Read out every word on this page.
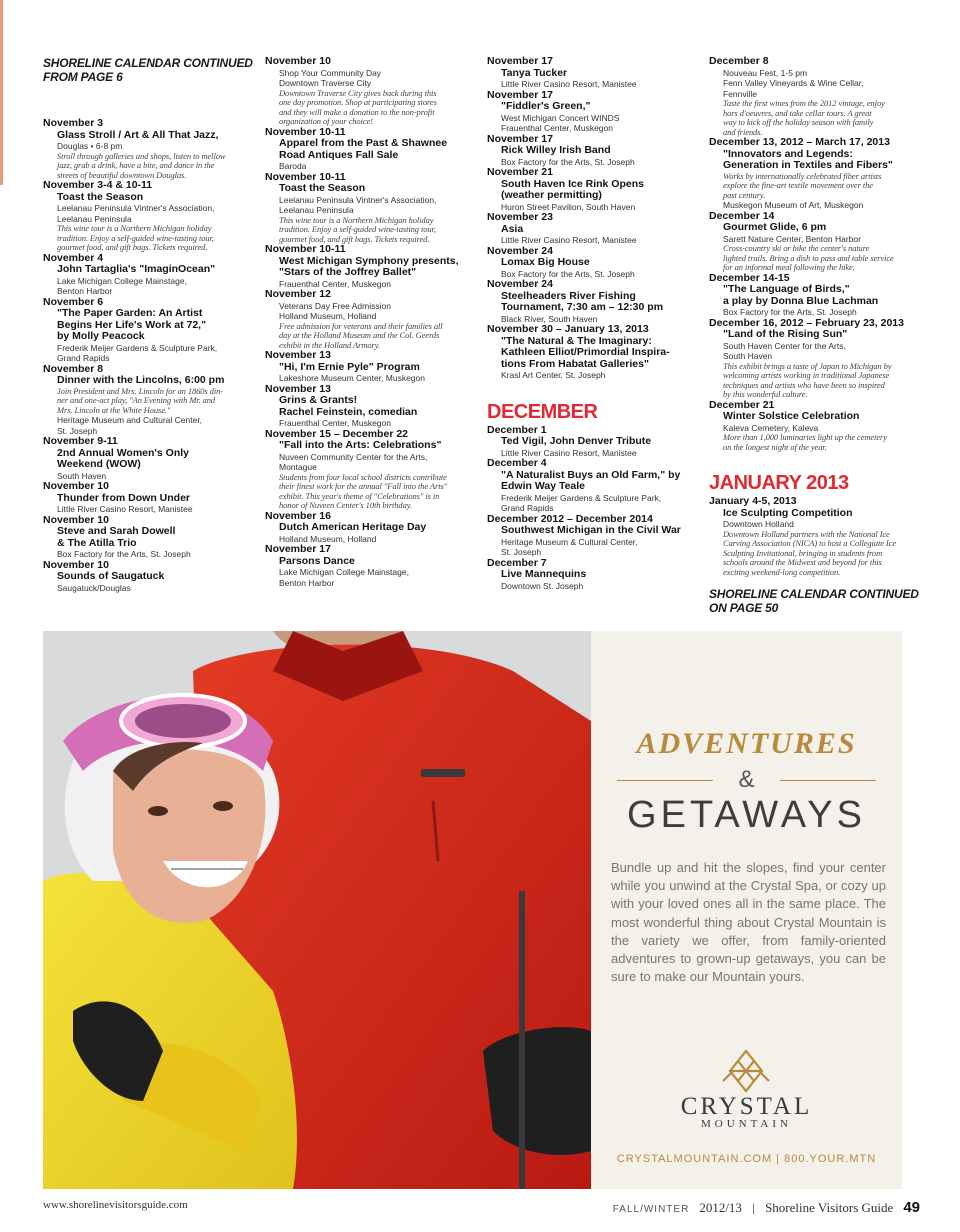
SHORELINE CALENDAR CONTINUED FROM PAGE 6
November 3
Glass Stroll / Art & All That Jazz,
Douglas • 6-8 pm
Stroll through galleries and shops, listen to mellow
jazz, grab a drink, have a bite, and dance in the
streets of beautiful downtown Douglas.
November 3-4 & 10-11
Toast the Season
Leelanau Peninsula Vintner's Association,
Leelanau Peninsula
This wine tour is a Northern Michigan holiday
tradition. Enjoy a self-guided wine-tasting tour,
gourmet food, and gift bags. Tickets required.
November 4
John Tartaglia's "ImaginOcean"
Lake Michigan College Mainstage,
Benton Harbor
November 6
"The Paper Garden: An Artist
Begins Her Life's Work at 72,"
by Molly Peacock
Frederik Meijer Gardens & Sculpture Park,
Grand Rapids
November 8
Dinner with the Lincolns, 6:00 pm
Join President and Mrs. Lincoln for an 1860s din-
ner and one-act play, "An Evening with Mr. and
Mrs. Lincoln at the White House."
Heritage Museum and Cultural Center,
St. Joseph
November 9-11
2nd Annual Women's Only
Weekend (WOW)
South Haven
November 10
Thunder from Down Under
Little River Casino Resort, Manistee
November 10
Steve and Sarah Dowell
& The Atilla Trio
Box Factory for the Arts, St. Joseph
November 10
Sounds of Saugatuck
Saugatuck/Douglas
November 10
Shop Your Community Day
Downtown Traverse City
Downtown Traverse City gives back during this
one day promotion. Shop at participating stores
and they will make a donation to the non-profit
organization of your choice!
November 10-11
Apparel from the Past & Shawnee
Road Antiques Fall Sale
Baroda
November 10-11
Toast the Season
Leelanau Peninsula Vintner's Association,
Leelanau Peninsula
This wine tour is a Northern Michigan holiday
tradition. Enjoy a self-guided wine-tasting tour,
gourmet food, and gift bags. Tickets required.
November 10-11
West Michigan Symphony presents,
"Stars of the Joffrey Ballet"
Frauenthal Center, Muskegon
November 12
Veterans Day Free Admission
Holland Museum, Holland
Free admission for veterans and their families all
day at the Holland Museum and the Col. Geerds
exhibit in the Holland Armory.
November 13
"Hi, I'm Ernie Pyle" Program
Lakeshore Museum Center, Muskegon
November 13
Grins & Grants!
Rachel Feinstein, comedian
Frauenthal Center, Muskegon
November 15 – December 22
"Fall into the Arts: Celebrations"
Nuveen Community Center for the Arts,
Montague
Students from four local school districts contribute
their finest work for the annual "Fall into the Arts"
exhibit. This year's theme of "Celebrations" is in
honor of Nuveen Center's 10th birthday.
November 16
Dutch American Heritage Day
Holland Museum, Holland
November 17
Parsons Dance
Lake Michigan College Mainstage,
Benton Harbor
November 17
Tanya Tucker
Little River Casino Resort, Manistee
November 17
"Fiddler's Green,"
West Michigan Concert WINDS
Frauenthal Center, Muskegon
November 17
Rick Willey Irish Band
Box Factory for the Arts, St. Joseph
November 21
South Haven Ice Rink Opens
(weather permitting)
Huron Street Pavilion, South Haven
November 23
Asia
Little River Casino Resort, Manistee
November 24
Lomax Big House
Box Factory for the Arts, St. Joseph
November 24
Steelheaders River Fishing
Tournament, 7:30 am – 12:30 pm
Black River, South Haven
November 30 – January 13, 2013
"The Natural & The Imaginary:
Kathleen Elliot/Primordial Inspira-
tions From Habatat Galleries"
Krasl Art Center, St. Joseph
DECEMBER
December 1
Ted Vigil, John Denver Tribute
Little River Casino Resort, Manistee
December 4
"A Naturalist Buys an Old Farm," by
Edwin Way Teale
Frederik Meijer Gardens & Sculpture Park,
Grand Rapids
December 2012 – December 2014
Southwest Michigan in the Civil War
Heritage Museum & Cultural Center,
St. Joseph
December 7
Live Mannequins
Downtown St. Joseph
December 8
Nouveau Fest, 1-5 pm
Fenn Valley Vineyards & Wine Cellar,
Fennville
Taste the first wines from the 2012 vintage, enjoy
hors d'oeuvres, and take cellar tours. A great
way to kick off the holiday season with family
and friends.
December 13, 2012 – March 17, 2013
"Innovators and Legends:
Generation in Textiles and Fibers"
Works by internationally celebrated fiber artists
explore the fine-art textile movement over the
past century.
Muskegon Museum of Art, Muskegon
December 14
Gourmet Glide, 6 pm
Sarett Nature Center, Benton Harbor
Cross-country ski or hike the center's nature
lighted trails. Bring a dish to pass and table service
for an informal meal following the hike.
December 14-15
"The Language of Birds,"
a play by Donna Blue Lachman
Box Factory for the Arts, St. Joseph
December 16, 2012 – February 23, 2013
"Land of the Rising Sun"
South Haven Center for the Arts,
South Haven
This exhibit brings a taste of Japan to Michigan by
welcoming artists working in traditional Japanese
techniques and artists who have been so inspired
by this wonderful culture.
December 21
Winter Solstice Celebration
Kaleva Cemetery, Kaleva
More than 1,000 luminaries light up the cemetery
on the longest night of the year.
JANUARY 2013
January 4-5, 2013
Ice Sculpting Competition
Downtown Holland
Downtown Holland partners with the National Ice
Carving Association (NICA) to host a Collegiate Ice
Sculpting Invitational, bringing in students from
schools around the Midwest and beyond for this
exciting weekend-long competition.
SHORELINE CALENDAR CONTINUED ON PAGE 50
ADVENTURES
&
GETAWAYS
Bundle up and hit the slopes, find your center while you unwind at the Crystal Spa, or cozy up with your loved ones all in the same place. The most wonderful thing about Crystal Mountain is the variety we offer, from family-oriented adventures to grown-up getaways, you can be sure to make our Mountain yours.
CRYSTAL
MOUNTAIN
CRYSTALMOUNTAIN.COM | 800.YOUR.MTN
www.shorelinevisitorsguide.com	FALL/WINTER 2012/13 | Shoreline Visitors Guide 49
